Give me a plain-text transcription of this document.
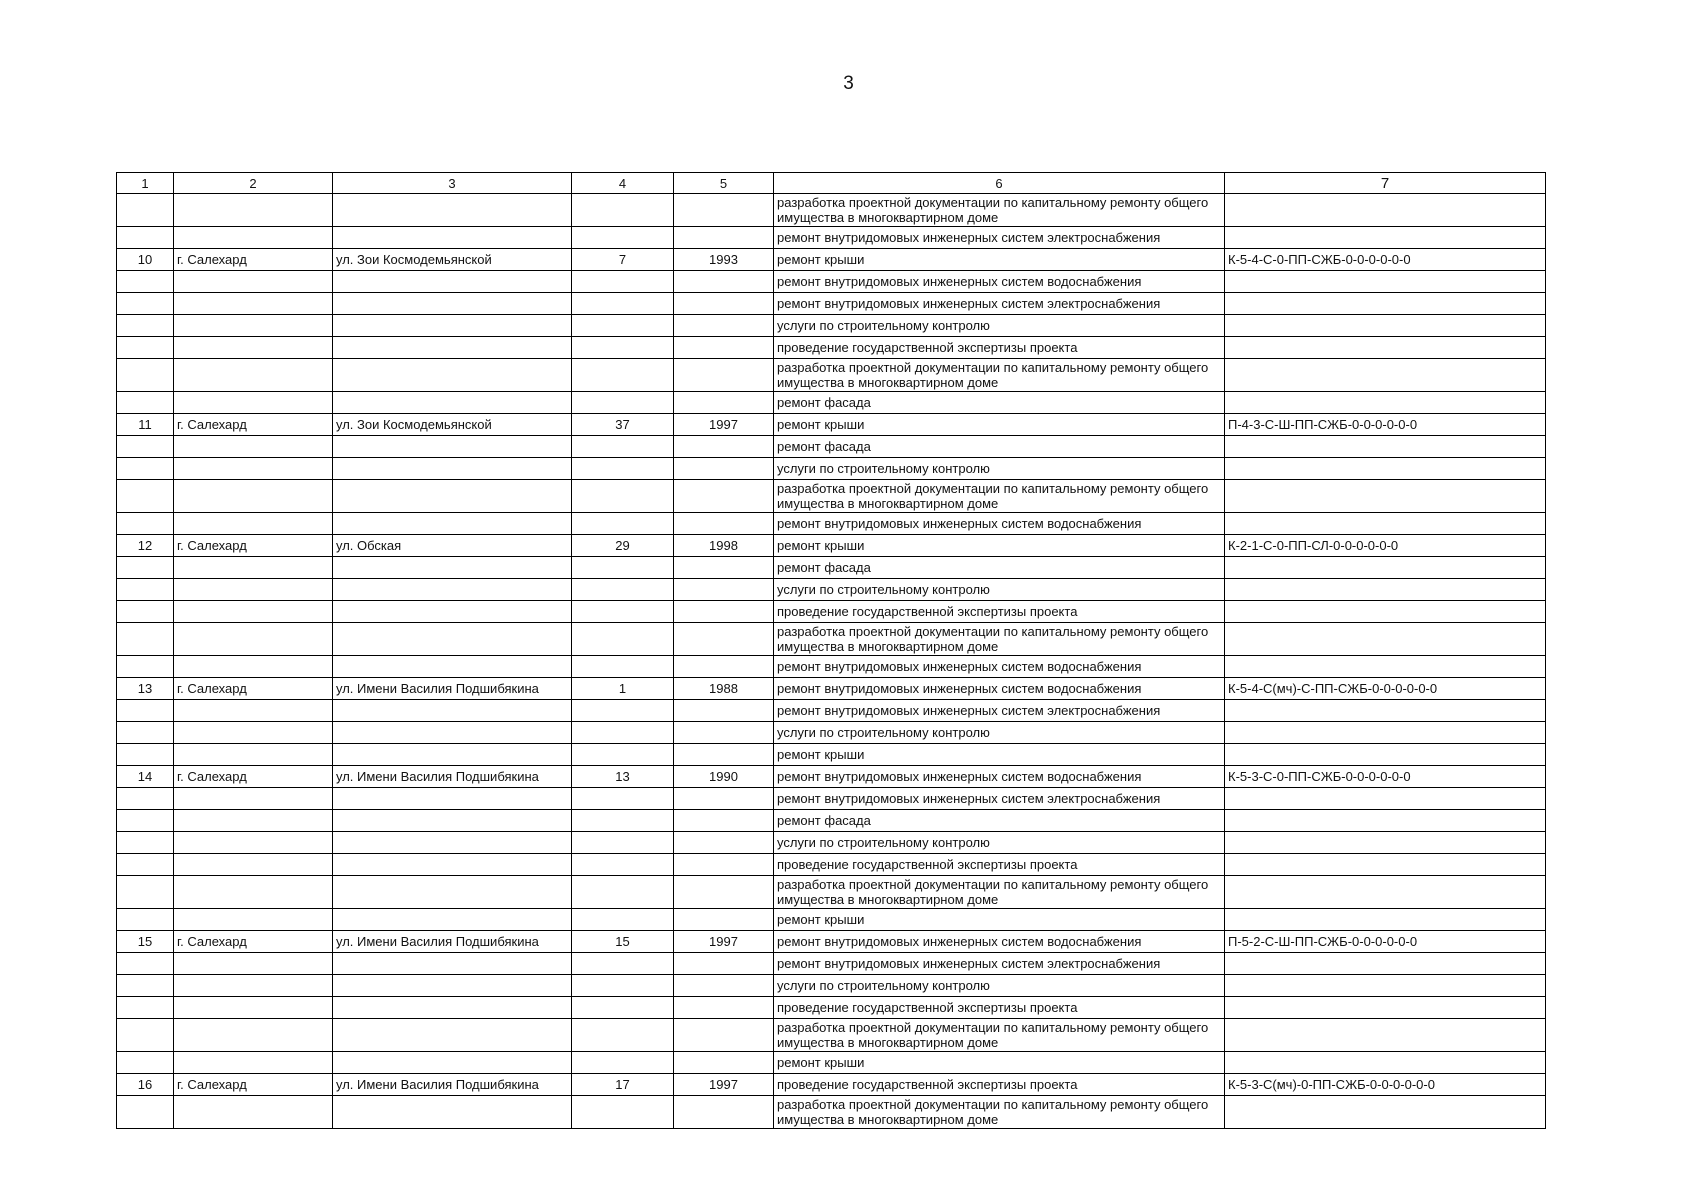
3
1	2	3	4	5	6	7
					разработка проектной документации по капитальному ремонту общего имущества в многоквартирном доме	
					ремонт внутридомовых инженерных систем электроснабжения	
10	г. Салехард	ул. Зои Космодемьянской	7	1993	ремонт крыши	К-5-4-С-0-ПП-СЖБ-0-0-0-0-0-0
					ремонт внутридомовых инженерных систем водоснабжения	
					ремонт внутридомовых инженерных систем электроснабжения	
					услуги по строительному контролю	
					проведение государственной экспертизы проекта	
					разработка проектной документации по капитальному ремонту общего имущества в многоквартирном доме	
					ремонт фасада	
11	г. Салехард	ул. Зои Космодемьянской	37	1997	ремонт крыши	П-4-3-С-Ш-ПП-СЖБ-0-0-0-0-0-0
					ремонт фасада	
					услуги по строительному контролю	
					разработка проектной документации по капитальному ремонту общего имущества в многоквартирном доме	
					ремонт внутридомовых инженерных систем водоснабжения	
12	г. Салехард	ул. Обская	29	1998	ремонт крыши	К-2-1-С-0-ПП-СЛ-0-0-0-0-0-0
					ремонт фасада	
					услуги по строительному контролю	
					проведение государственной экспертизы проекта	
					разработка проектной документации по капитальному ремонту общего имущества в многоквартирном доме	
					ремонт внутридомовых инженерных систем водоснабжения	
13	г. Салехард	ул. Имени Василия Подшибякина	1	1988	ремонт внутридомовых инженерных систем водоснабжения	К-5-4-С(мч)-С-ПП-СЖБ-0-0-0-0-0-0
					ремонт внутридомовых инженерных систем электроснабжения	
					услуги по строительному контролю	
					ремонт крыши	
14	г. Салехард	ул. Имени Василия Подшибякина	13	1990	ремонт внутридомовых инженерных систем водоснабжения	К-5-3-С-0-ПП-СЖБ-0-0-0-0-0-0
					ремонт внутридомовых инженерных систем электроснабжения	
					ремонт фасада	
					услуги по строительному контролю	
					проведение государственной экспертизы проекта	
					разработка проектной документации по капитальному ремонту общего имущества в многоквартирном доме	
					ремонт крыши	
15	г. Салехард	ул. Имени Василия Подшибякина	15	1997	ремонт внутридомовых инженерных систем водоснабжения	П-5-2-С-Ш-ПП-СЖБ-0-0-0-0-0-0
					ремонт внутридомовых инженерных систем электроснабжения	
					услуги по строительному контролю	
					проведение государственной экспертизы проекта	
					разработка проектной документации по капитальному ремонту общего имущества в многоквартирном доме	
					ремонт крыши	
16	г. Салехард	ул. Имени Василия Подшибякина	17	1997	проведение государственной экспертизы проекта	К-5-3-С(мч)-0-ПП-СЖБ-0-0-0-0-0-0
					разработка проектной документации по капитальному ремонту общего имущества в многоквартирном доме	
